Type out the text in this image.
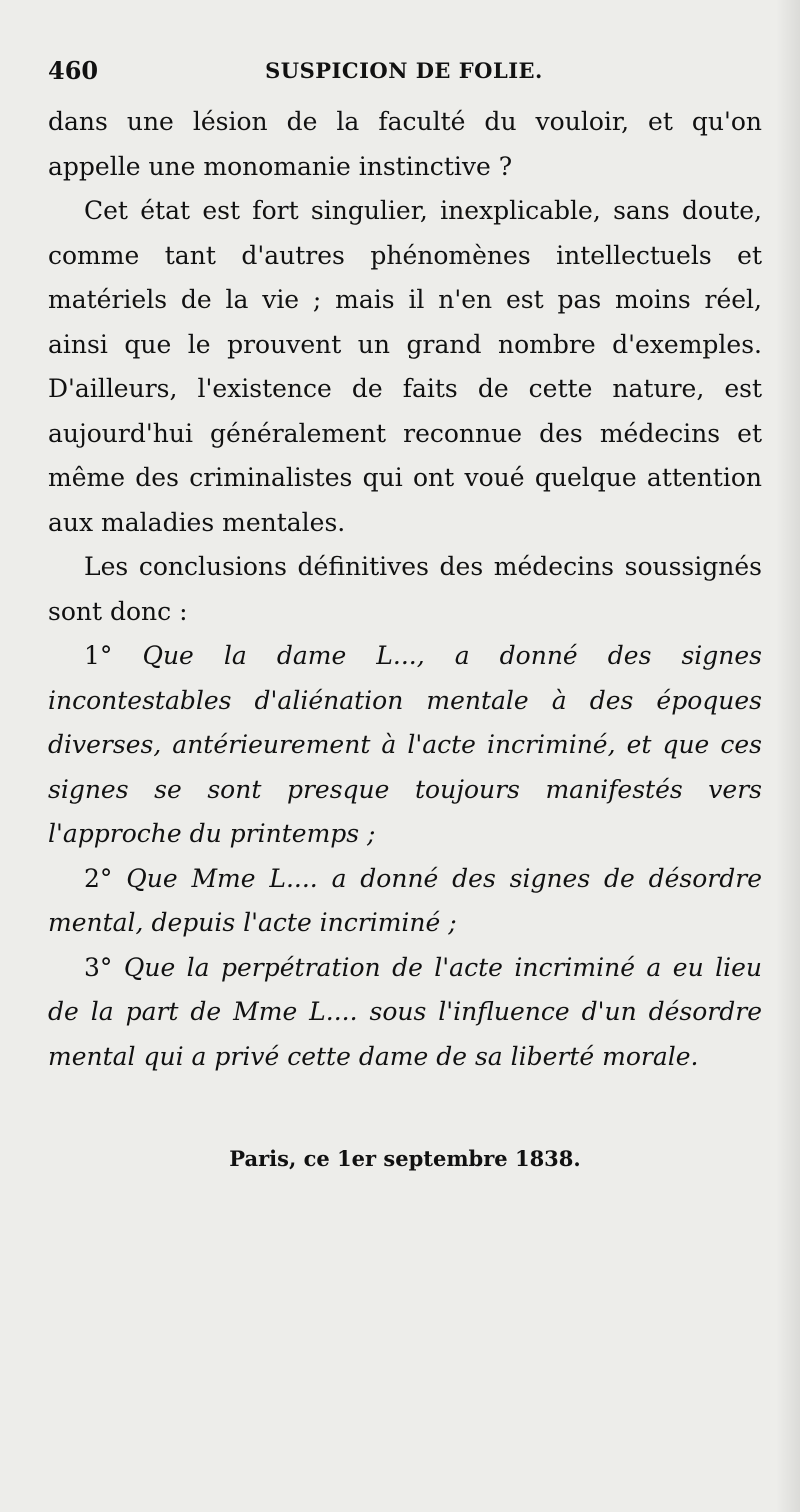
460	SUSPICION DE FOLIE.

dans une lésion de la faculté du vouloir, et qu'on appelle une monomanie instinctive ?

Cet état est fort singulier, inexplicable, sans doute, comme tant d'autres phénomènes intellectuels et matériels de la vie ; mais il n'en est pas moins réel, ainsi que le prouvent un grand nombre d'exemples. D'ailleurs, l'existence de faits de cette nature, est aujourd'hui généralement reconnue des médecins et même des criminalistes qui ont voué quelque attention aux maladies mentales.

Les conclusions définitives des médecins soussignés sont donc :

1° Que la dame L..., a donné des signes incontestables d'aliénation mentale à des époques diverses, antérieurement à l'acte incriminé, et que ces signes se sont presque toujours manifestés vers l'approche du printemps ;

2° Que Mme L.... a donné des signes de désordre mental, depuis l'acte incriminé ;

3° Que la perpétration de l'acte incriminé a eu lieu de la part de Mme L.... sous l'influence d'un désordre mental qui a privé cette dame de sa liberté morale.

Paris, ce 1er septembre 1838.
